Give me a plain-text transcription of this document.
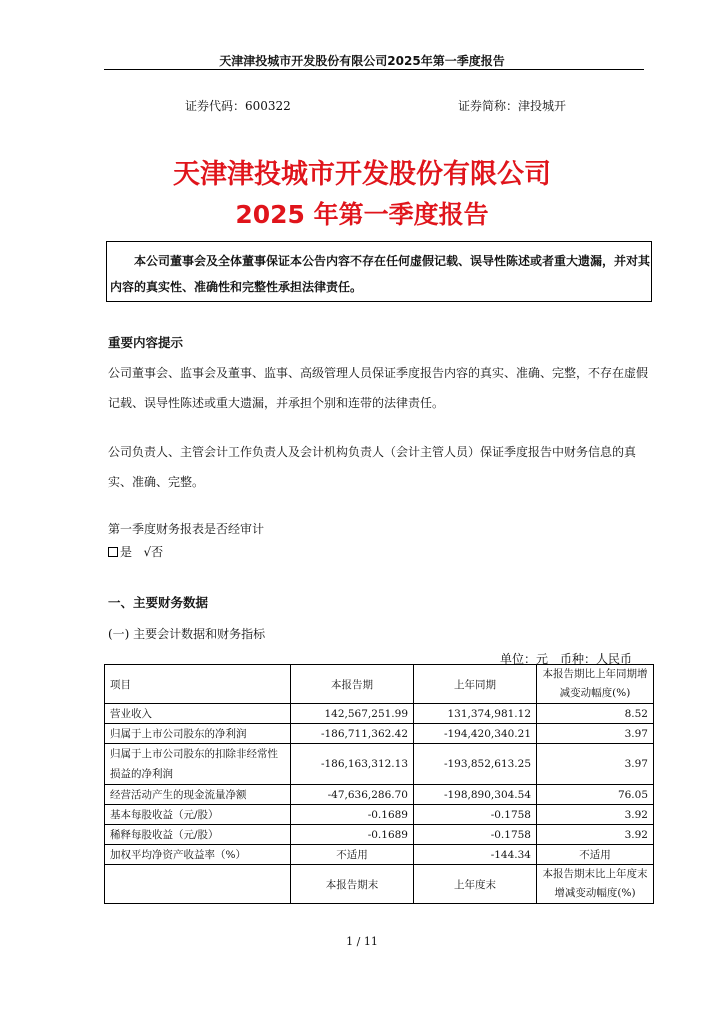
天津津投城市开发股份有限公司2025年第一季度报告
证券代码：600322	证券简称：津投城开
天津津投城市开发股份有限公司
2025 年第一季度报告
本公司董事会及全体董事保证本公告内容不存在任何虚假记载、误导性陈述或者重大遗漏，并对其内容的真实性、准确性和完整性承担法律责任。
重要内容提示
公司董事会、监事会及董事、监事、高级管理人员保证季度报告内容的真实、准确、完整，不存在虚假记载、误导性陈述或重大遗漏，并承担个别和连带的法律责任。
公司负责人、主管会计工作负责人及会计机构负责人（会计主管人员）保证季度报告中财务信息的真实、准确、完整。
第一季度财务报表是否经审计
是 √否
一、主要财务数据
(一) 主要会计数据和财务指标
单位：元　币种：人民币
项目	本报告期	上年同期	本报告期比上年同期增减变动幅度(%)
营业收入	142,567,251.99	131,374,981.12	8.52
归属于上市公司股东的净利润	-186,711,362.42	-194,420,340.21	3.97
归属于上市公司股东的扣除非经常性损益的净利润	-186,163,312.13	-193,852,613.25	3.97
经营活动产生的现金流量净额	-47,636,286.70	-198,890,304.54	76.05
基本每股收益（元/股）	-0.1689	-0.1758	3.92
稀释每股收益（元/股）	-0.1689	-0.1758	3.92
加权平均净资产收益率（%）	不适用	-144.34	不适用
	本报告期末	上年度末	本报告期末比上年度末增减变动幅度(%)
1 / 11
